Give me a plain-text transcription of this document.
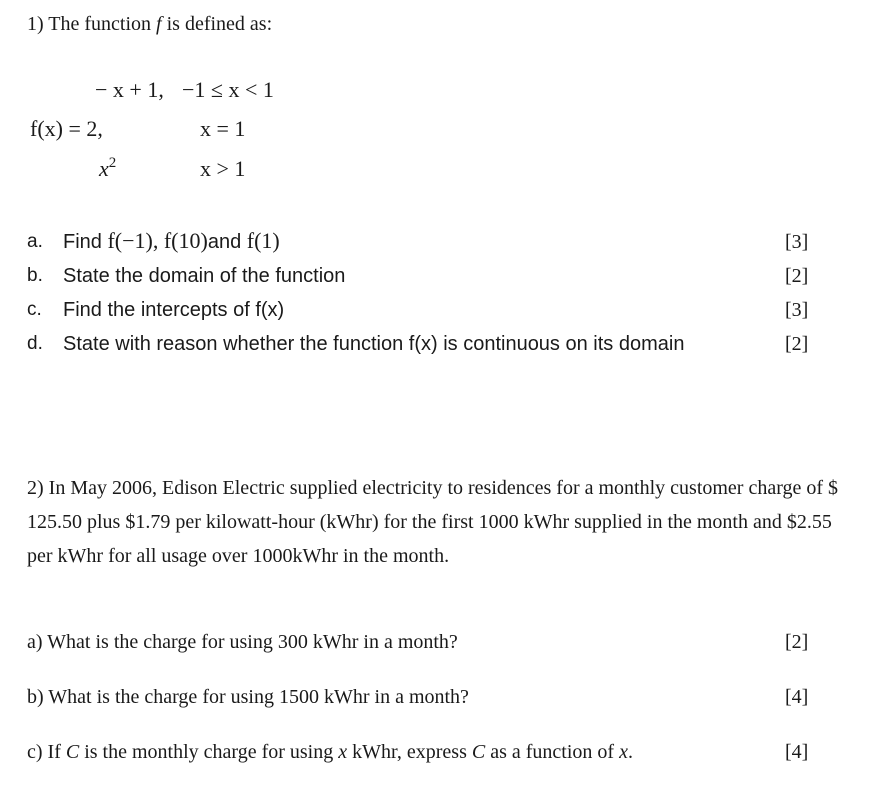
1) The function f is defined as:
− x + 1, −1 ≤ x < 1
f(x) = 2,	x = 1
$x^2$	x > 1
a. Find f(−1), f(10)and f(1)	[3]
b. State the domain of the function	[2]
c. Find the intercepts of f(x)	[3]
d. State with reason whether the function f(x) is continuous on its domain	[2]
2) In May 2006, Edison Electric supplied electricity to residences for a monthly customer charge of $ 125.50 plus $1.79 per kilowatt-hour (kWhr) for the first 1000 kWhr supplied in the month and $2.55 per kWhr for all usage over 1000kWhr in the month.
a) What is the charge for using 300 kWhr in a month?	[2]
b) What is the charge for using 1500 kWhr in a month?	[4]
c) If C is the monthly charge for using x kWhr, express C as a function of x.	[4]
